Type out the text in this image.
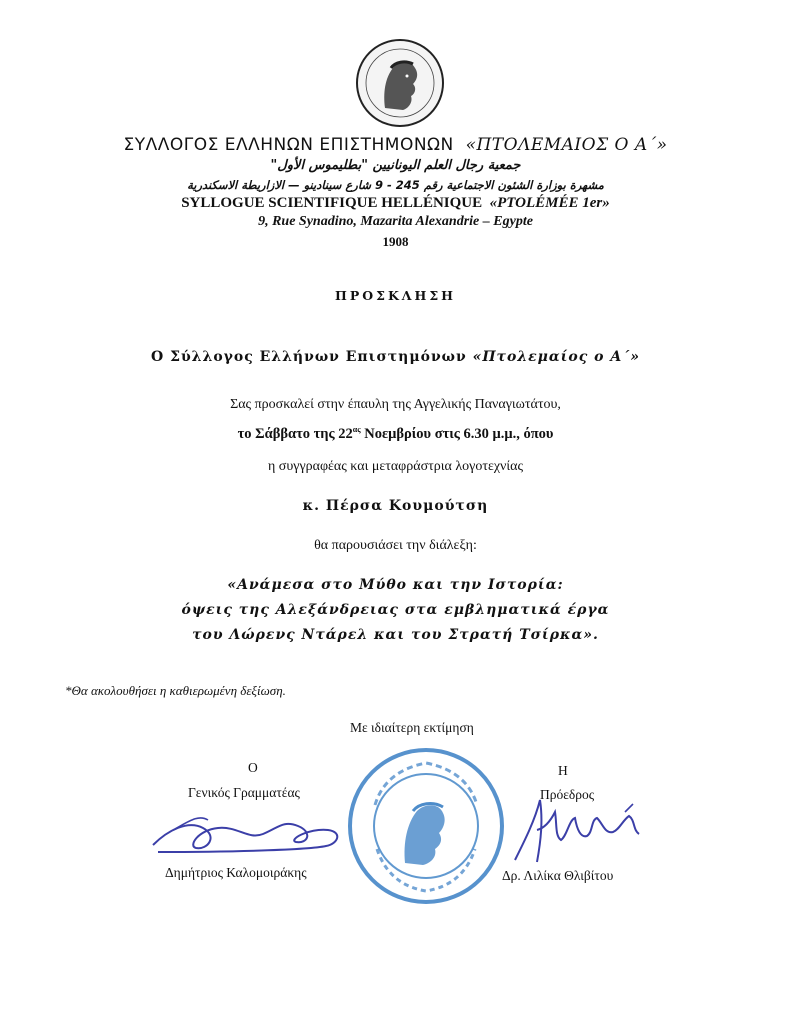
ΣΥΛΛΟΓΟΣ ΕΛΛΗΝΩΝ ΕΠΙΣΤΗΜΟΝΩΝ «ΠΤΟΛΕΜΑΙΟΣ Ο Α΄»
جمعية رجال العلم اليونانيين "بطليموس الأول"
مشهرة بوزارة الشئون الاجتماعية رقم 245 - 9 شارع سينادينو — الازاريطة الاسكندرية
SYLLOGUE SCIENTIFIQUE HELLÉNIQUE «PTOLÉMÉE 1er»
9, Rue Synadino, Mazarita Alexandrie – Egypte
1908
ΠΡΟΣΚΛΗΣΗ
Ο Σύλλογος Ελλήνων Επιστημόνων «Πτολεμαίος ο Α΄»
Σας προσκαλεί στην έπαυλη της Αγγελικής Παναγιωτάτου,
το Σάββατο της $22^{\alpha\varsigma}$ Νοεμβρίου στις 6.30 μ.μ., όπου
η συγγραφέας και μεταφράστρια λογοτεχνίας
κ. Πέρσα Κουμούτση
θα παρουσιάσει την διάλεξη:
«Ανάμεσα στο Μύθο και την Ιστορία:
όψεις της Αλεξάνδρειας στα εμβληματικά έργα
του Λώρενς Ντάρελ και του Στρατή Τσίρκα».
*Θα ακολουθήσει η καθιερωμένη δεξίωση.
Με ιδιαίτερη εκτίμηση
Ο
Γενικός Γραμματέας
Δημήτριος Καλομοιράκης
Η
Πρόεδρος
Δρ. Λιλίκα Θλιβίτου
